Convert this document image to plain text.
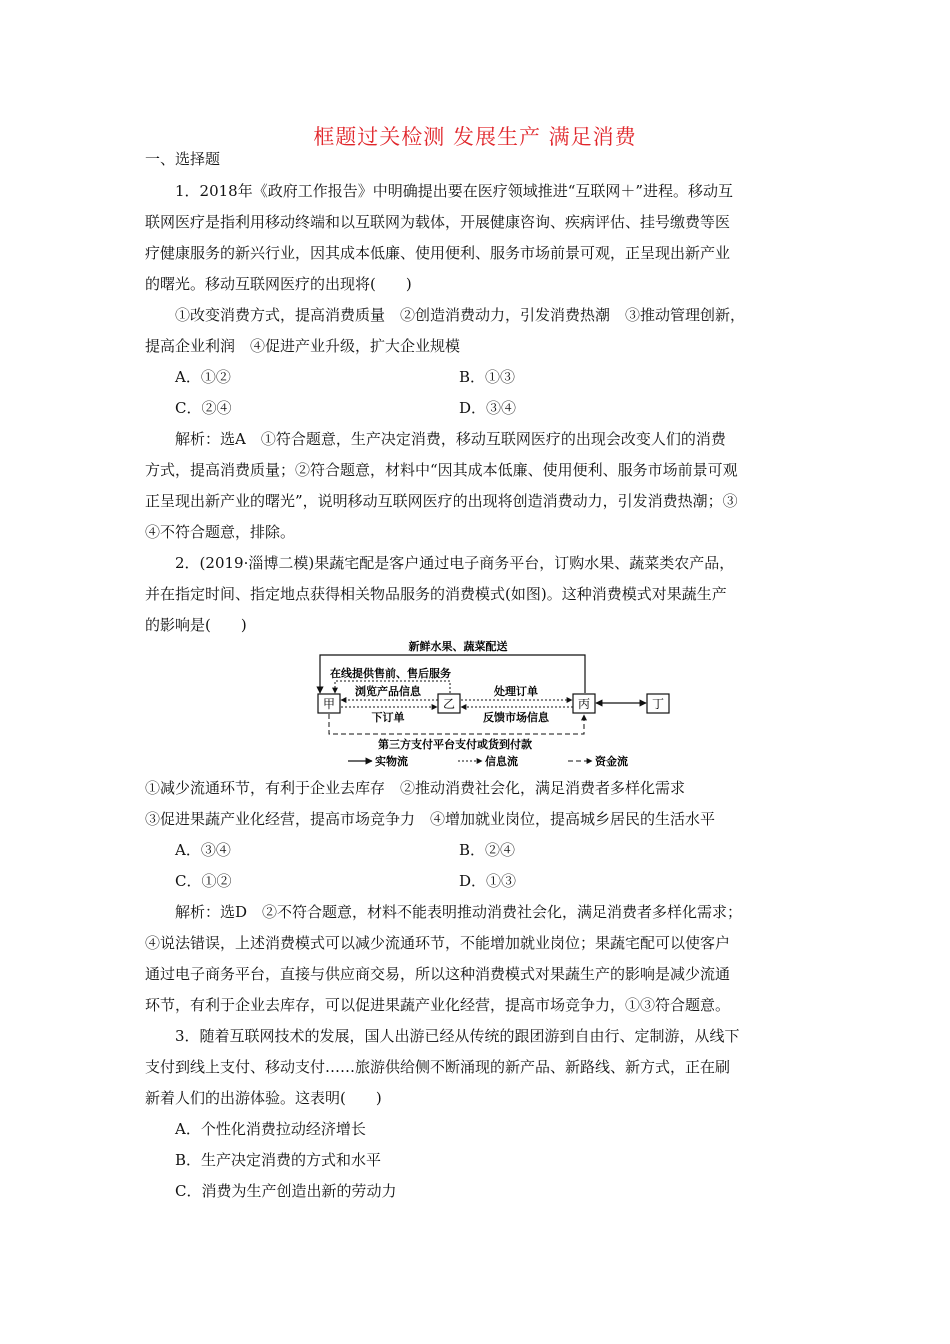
框题过关检测 发展生产 满足消费
一、选择题
1．2018年《政府工作报告》中明确提出要在医疗领域推进“互联网＋”进程。移动互
联网医疗是指利用移动终端和以互联网为载体，开展健康咨询、疾病评估、挂号缴费等医
疗健康服务的新兴行业，因其成本低廉、使用便利、服务市场前景可观，正呈现出新产业
的曙光。移动互联网医疗的出现将(　　)
①改变消费方式，提高消费质量　②创造消费动力，引发消费热潮　③推动管理创新，
提高企业利润　④促进产业升级，扩大企业规模
A．①②	B．①③
C．②④	D．③④
解析：选A　①符合题意，生产决定消费，移动互联网医疗的出现会改变人们的消费
方式，提高消费质量；②符合题意，材料中“因其成本低廉、使用便利、服务市场前景可观
正呈现出新产业的曙光”，说明移动互联网医疗的出现将创造消费动力，引发消费热潮；③
④不符合题意，排除。
2．(2019·淄博二模)果蔬宅配是客户通过电子商务平台，订购水果、蔬菜类农产品，
并在指定时间、指定地点获得相关物品服务的消费模式(如图)。这种消费模式对果蔬生产
的影响是(　　)
新鲜水果、蔬菜配送
在线提供售前、售后服务
甲	乙	丙	丁
浏览产品信息
下订单
处理订单
反馈市场信息
第三方支付平台支付或货到付款
实物流	信息流	资金流
①减少流通环节，有利于企业去库存　②推动消费社会化，满足消费者多样化需求
③促进果蔬产业化经营，提高市场竞争力　④增加就业岗位，提高城乡居民的生活水平
A．③④	B．②④
C．①②	D．①③
解析：选D　②不符合题意，材料不能表明推动消费社会化，满足消费者多样化需求；
④说法错误，上述消费模式可以减少流通环节，不能增加就业岗位；果蔬宅配可以使客户
通过电子商务平台，直接与供应商交易，所以这种消费模式对果蔬生产的影响是减少流通
环节，有利于企业去库存，可以促进果蔬产业化经营，提高市场竞争力，①③符合题意。
3．随着互联网技术的发展，国人出游已经从传统的跟团游到自由行、定制游，从线下
支付到线上支付、移动支付……旅游供给侧不断涌现的新产品、新路线、新方式，正在刷
新着人们的出游体验。这表明(　　)
A．个性化消费拉动经济增长
B．生产决定消费的方式和水平
C．消费为生产创造出新的劳动力
